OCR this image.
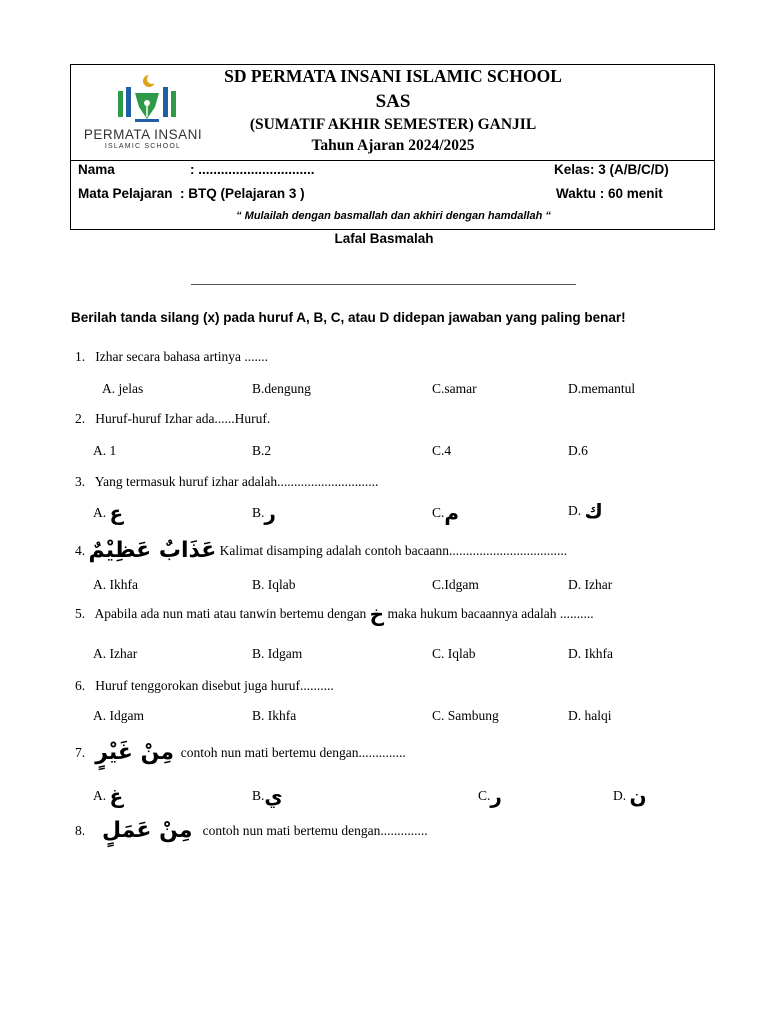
PERMATA INSANI
ISLAMIC SCHOOL
SD PERMATA INSANI ISLAMIC SCHOOL
SAS
(SUMATIF AKHIR SEMESTER) GANJIL
Tahun Ajaran 2024/2025
Nama	: ...............................	Kelas: 3 (A/B/C/D)
Mata Pelajaran  : BTQ (Pelajaran 3 )	Waktu : 60 menit
“ Mulailah dengan basmallah dan akhiri dengan hamdallah “
Lafal Basmalah
Berilah tanda silang (x) pada huruf A, B, C, atau D didepan jawaban yang paling benar!
1. Izhar secara bahasa artinya .......
A. jelas	B.dengung	C.samar	D.memantul
2. Huruf-huruf Izhar ada......Huruf.
A. 1	B.2	C.4	D.6
3. Yang termasuk huruf izhar adalah..............................
A. ع	B.ر	C.م	D. ك
4. عَذَابٌ عَظِيْمٌ Kalimat disamping adalah contoh bacaann...................................
A. Ikhfa	B. Iqlab	C.Idgam	D. Izhar
5. Apabila ada nun mati atau tanwin bertemu dengan خ maka hukum bacaannya adalah ..........
A. Izhar	B. Idgam	C. Iqlab	D. Ikhfa
6. Huruf tenggorokan disebut juga huruf..........
A. Idgam	B. Ikhfa	C. Sambung	D. halqi
7. مِنْ غَيْرٍ contoh nun mati bertemu dengan..............
A. غ	B.ي	C.ر	D. ن
8. مِنْ عَمَلٍ contoh nun mati bertemu dengan..............
